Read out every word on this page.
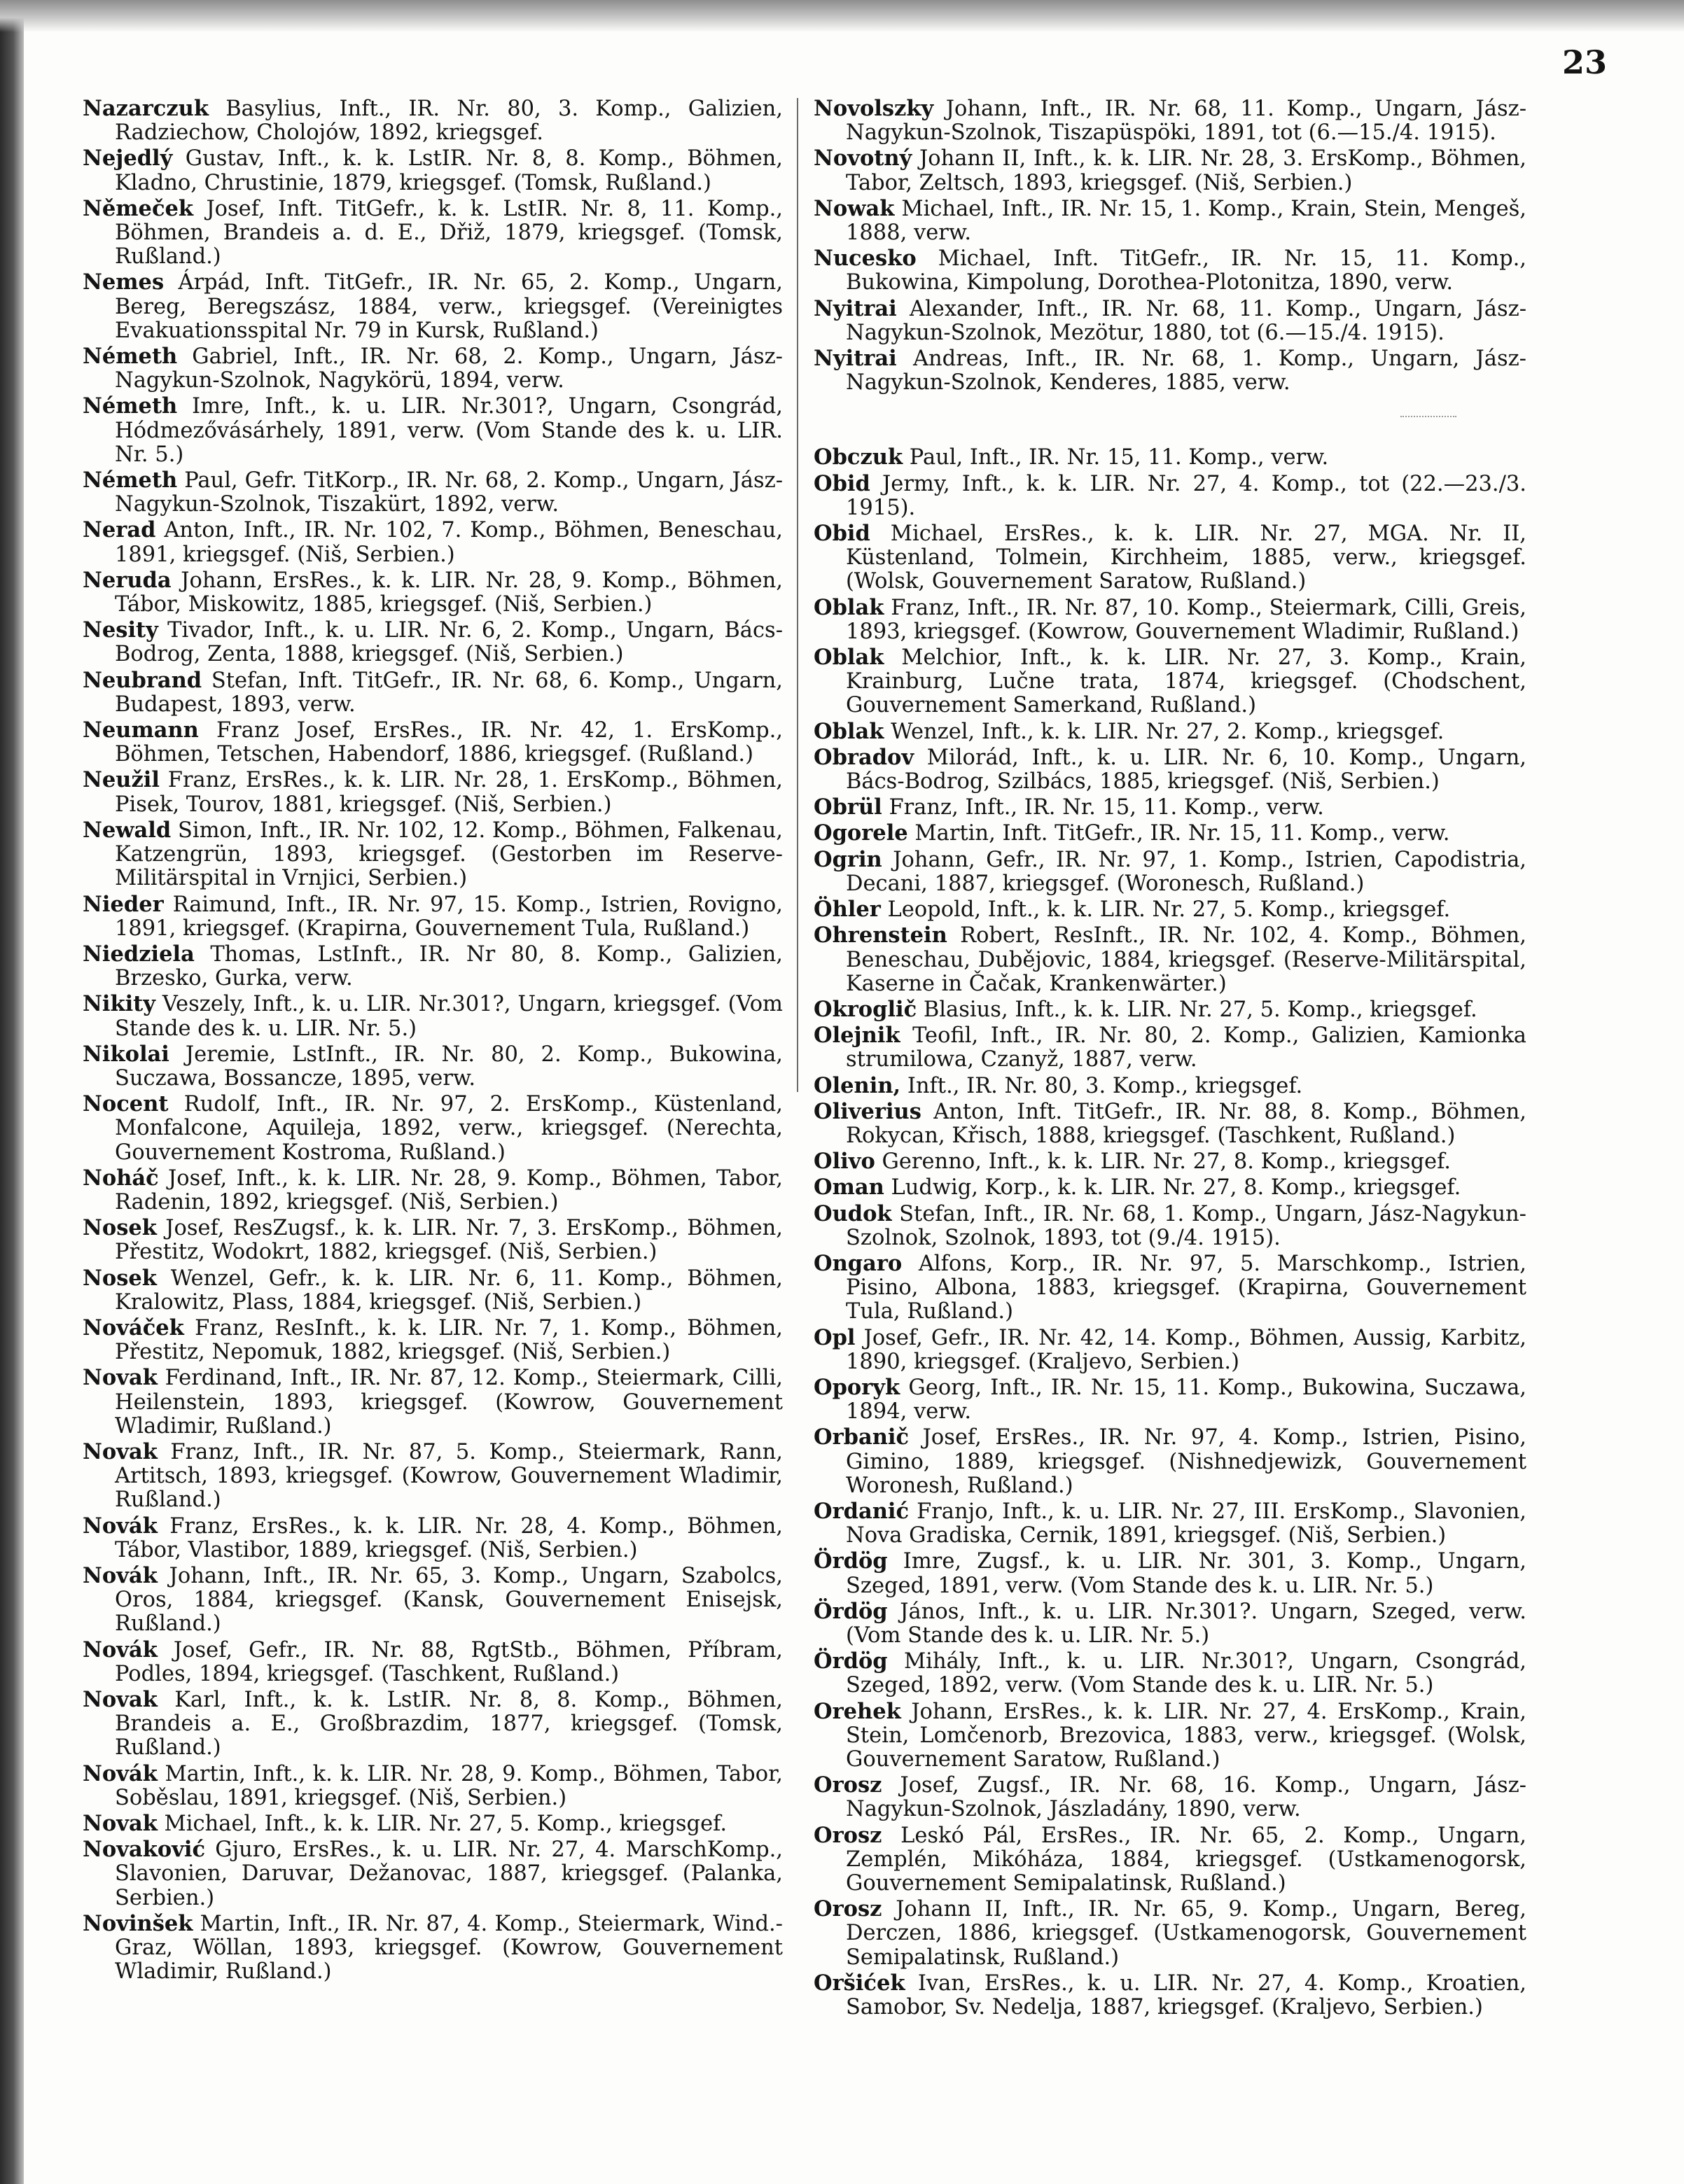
23
Nazarczuk Basylius, Inft., IR. Nr. 80, 3. Komp., Galizien, Radziechow, Cholojów, 1892, kriegsgef.
Nejedlý Gustav, Inft., k. k. LstIR. Nr. 8, 8. Komp., Böhmen, Kladno, Chrustinie, 1879, kriegsgef. (Tomsk, Rußland.)
Němeček Josef, Inft. TitGefr., k. k. LstIR. Nr. 8, 11. Komp., Böhmen, Brandeis a. d. E., Dřiž, 1879, kriegsgef. (Tomsk, Rußland.)
Nemes Árpád, Inft. TitGefr., IR. Nr. 65, 2. Komp., Ungarn, Bereg, Beregszász, 1884, verw., kriegsgef. (Vereinigtes Evakuationsspital Nr. 79 in Kursk, Rußland.)
Németh Gabriel, Inft., IR. Nr. 68, 2. Komp., Ungarn, Jász-Nagykun-Szolnok, Nagykörü, 1894, verw.
Németh Imre, Inft., k. u. LIR. Nr.301?, Ungarn, Csongrád, Hódmezővásárhely, 1891, verw. (Vom Stande des k. u. LIR. Nr. 5.)
Németh Paul, Gefr. TitKorp., IR. Nr. 68, 2. Komp., Ungarn, Jász-Nagykun-Szolnok, Tiszakürt, 1892, verw.
Nerad Anton, Inft., IR. Nr. 102, 7. Komp., Böhmen, Beneschau, 1891, kriegsgef. (Niš, Serbien.)
Neruda Johann, ErsRes., k. k. LIR. Nr. 28, 9. Komp., Böhmen, Tábor, Miskowitz, 1885, kriegsgef. (Niš, Serbien.)
Nesity Tivador, Inft., k. u. LIR. Nr. 6, 2. Komp., Ungarn, Bács-Bodrog, Zenta, 1888, kriegsgef. (Niš, Serbien.)
Neubrand Stefan, Inft. TitGefr., IR. Nr. 68, 6. Komp., Ungarn, Budapest, 1893, verw.
Neumann Franz Josef, ErsRes., IR. Nr. 42, 1. ErsKomp., Böhmen, Tetschen, Habendorf, 1886, kriegsgef. (Rußland.)
Neužil Franz, ErsRes., k. k. LIR. Nr. 28, 1. ErsKomp., Böhmen, Pisek, Tourov, 1881, kriegsgef. (Niš, Serbien.)
Newald Simon, Inft., IR. Nr. 102, 12. Komp., Böhmen, Falkenau, Katzengrün, 1893, kriegsgef. (Gestorben im Reserve-Militärspital in Vrnjici, Serbien.)
Nieder Raimund, Inft., IR. Nr. 97, 15. Komp., Istrien, Rovigno, 1891, kriegsgef. (Krapirna, Gouvernement Tula, Rußland.)
Niedziela Thomas, LstInft., IR. Nr 80, 8. Komp., Galizien, Brzesko, Gurka, verw.
Nikity Veszely, Inft., k. u. LIR. Nr.301?, Ungarn, kriegsgef. (Vom Stande des k. u. LIR. Nr. 5.)
Nikolai Jeremie, LstInft., IR. Nr. 80, 2. Komp., Bukowina, Suczawa, Bossancze, 1895, verw.
Nocent Rudolf, Inft., IR. Nr. 97, 2. ErsKomp., Küstenland, Monfalcone, Aquileja, 1892, verw., kriegsgef. (Nerechta, Gouvernement Kostroma, Rußland.)
Noháč Josef, Inft., k. k. LIR. Nr. 28, 9. Komp., Böhmen, Tabor, Radenin, 1892, kriegsgef. (Niš, Serbien.)
Nosek Josef, ResZugsf., k. k. LIR. Nr. 7, 3. ErsKomp., Böhmen, Přestitz, Wodokrt, 1882, kriegsgef. (Niš, Serbien.)
Nosek Wenzel, Gefr., k. k. LIR. Nr. 6, 11. Komp., Böhmen, Kralowitz, Plass, 1884, kriegsgef. (Niš, Serbien.)
Nováček Franz, ResInft., k. k. LIR. Nr. 7, 1. Komp., Böhmen, Přestitz, Nepomuk, 1882, kriegsgef. (Niš, Serbien.)
Novak Ferdinand, Inft., IR. Nr. 87, 12. Komp., Steiermark, Cilli, Heilenstein, 1893, kriegsgef. (Kowrow, Gouvernement Wladimir, Rußland.)
Novak Franz, Inft., IR. Nr. 87, 5. Komp., Steiermark, Rann, Artitsch, 1893, kriegsgef. (Kowrow, Gouvernement Wladimir, Rußland.)
Novák Franz, ErsRes., k. k. LIR. Nr. 28, 4. Komp., Böhmen, Tábor, Vlastibor, 1889, kriegsgef. (Niš, Serbien.)
Novák Johann, Inft., IR. Nr. 65, 3. Komp., Ungarn, Szabolcs, Oros, 1884, kriegsgef. (Kansk, Gouvernement Enisejsk, Rußland.)
Novák Josef, Gefr., IR. Nr. 88, RgtStb., Böhmen, Příbram, Podles, 1894, kriegsgef. (Taschkent, Rußland.)
Novak Karl, Inft., k. k. LstIR. Nr. 8, 8. Komp., Böhmen, Brandeis a. E., Großbrazdim, 1877, kriegsgef. (Tomsk, Rußland.)
Novák Martin, Inft., k. k. LIR. Nr. 28, 9. Komp., Böhmen, Tabor, Soběslau, 1891, kriegsgef. (Niš, Serbien.)
Novak Michael, Inft., k. k. LIR. Nr. 27, 5. Komp., kriegsgef.
Novaković Gjuro, ErsRes., k. u. LIR. Nr. 27, 4. MarschKomp., Slavonien, Daruvar, Dežanovac, 1887, kriegsgef. (Palanka, Serbien.)
Novinšek Martin, Inft., IR. Nr. 87, 4. Komp., Steiermark, Wind.-Graz, Wöllan, 1893, kriegsgef. (Kowrow, Gouvernement Wladimir, Rußland.)
Novolszky Johann, Inft., IR. Nr. 68, 11. Komp., Ungarn, Jász-Nagykun-Szolnok, Tiszapüspöki, 1891, tot (6.—15./4. 1915).
Novotný Johann II, Inft., k. k. LIR. Nr. 28, 3. ErsKomp., Böhmen, Tabor, Zeltsch, 1893, kriegsgef. (Niš, Serbien.)
Nowak Michael, Inft., IR. Nr. 15, 1. Komp., Krain, Stein, Mengeš, 1888, verw.
Nucesko Michael, Inft. TitGefr., IR. Nr. 15, 11. Komp., Bukowina, Kimpolung, Dorothea-Plotonitza, 1890, verw.
Nyitrai Alexander, Inft., IR. Nr. 68, 11. Komp., Ungarn, Jász-Nagykun-Szolnok, Mezötur, 1880, tot (6.—15./4. 1915).
Nyitrai Andreas, Inft., IR. Nr. 68, 1. Komp., Ungarn, Jász-Nagykun-Szolnok, Kenderes, 1885, verw.
Obczuk Paul, Inft., IR. Nr. 15, 11. Komp., verw.
Obid Jermy, Inft., k. k. LIR. Nr. 27, 4. Komp., tot (22.—23./3. 1915).
Obid Michael, ErsRes., k. k. LIR. Nr. 27, MGA. Nr. II, Küstenland, Tolmein, Kirchheim, 1885, verw., kriegsgef. (Wolsk, Gouvernement Saratow, Rußland.)
Oblak Franz, Inft., IR. Nr. 87, 10. Komp., Steiermark, Cilli, Greis, 1893, kriegsgef. (Kowrow, Gouvernement Wladimir, Rußland.)
Oblak Melchior, Inft., k. k. LIR. Nr. 27, 3. Komp., Krain, Krainburg, Lučne trata, 1874, kriegsgef. (Chodschent, Gouvernement Samerkand, Rußland.)
Oblak Wenzel, Inft., k. k. LIR. Nr. 27, 2. Komp., kriegsgef.
Obradov Milorád, Inft., k. u. LIR. Nr. 6, 10. Komp., Ungarn, Bács-Bodrog, Szilbács, 1885, kriegsgef. (Niš, Serbien.)
Obrül Franz, Inft., IR. Nr. 15, 11. Komp., verw.
Ogorele Martin, Inft. TitGefr., IR. Nr. 15, 11. Komp., verw.
Ogrin Johann, Gefr., IR. Nr. 97, 1. Komp., Istrien, Capodistria, Decani, 1887, kriegsgef. (Woronesch, Rußland.)
Öhler Leopold, Inft., k. k. LIR. Nr. 27, 5. Komp., kriegsgef.
Ohrenstein Robert, ResInft., IR. Nr. 102, 4. Komp., Böhmen, Beneschau, Dubějovic, 1884, kriegsgef. (Reserve-Militärspital, Kaserne in Čačak, Krankenwärter.)
Okroglič Blasius, Inft., k. k. LIR. Nr. 27, 5. Komp., kriegsgef.
Olejnik Teofil, Inft., IR. Nr. 80, 2. Komp., Galizien, Kamionka strumilowa, Czanyž, 1887, verw.
Olenin, Inft., IR. Nr. 80, 3. Komp., kriegsgef.
Oliverius Anton, Inft. TitGefr., IR. Nr. 88, 8. Komp., Böhmen, Rokycan, Křisch, 1888, kriegsgef. (Taschkent, Rußland.)
Olivo Gerenno, Inft., k. k. LIR. Nr. 27, 8. Komp., kriegsgef.
Oman Ludwig, Korp., k. k. LIR. Nr. 27, 8. Komp., kriegsgef.
Oudok Stefan, Inft., IR. Nr. 68, 1. Komp., Ungarn, Jász-Nagykun-Szolnok, Szolnok, 1893, tot (9./4. 1915).
Ongaro Alfons, Korp., IR. Nr. 97, 5. Marschkomp., Istrien, Pisino, Albona, 1883, kriegsgef. (Krapirna, Gouvernement Tula, Rußland.)
Opl Josef, Gefr., IR. Nr. 42, 14. Komp., Böhmen, Aussig, Karbitz, 1890, kriegsgef. (Kraljevo, Serbien.)
Oporyk Georg, Inft., IR. Nr. 15, 11. Komp., Bukowina, Suczawa, 1894, verw.
Orbanič Josef, ErsRes., IR. Nr. 97, 4. Komp., Istrien, Pisino, Gimino, 1889, kriegsgef. (Nishnedjewizk, Gouvernement Woronesh, Rußland.)
Ordanić Franjo, Inft., k. u. LIR. Nr. 27, III. ErsKomp., Slavonien, Nova Gradiska, Cernik, 1891, kriegsgef. (Niš, Serbien.)
Ördög Imre, Zugsf., k. u. LIR. Nr. 301, 3. Komp., Ungarn, Szeged, 1891, verw. (Vom Stande des k. u. LIR. Nr. 5.)
Ördög János, Inft., k. u. LIR. Nr.301?. Ungarn, Szeged, verw. (Vom Stande des k. u. LIR. Nr. 5.)
Ördög Mihály, Inft., k. u. LIR. Nr.301?, Ungarn, Csongrád, Szeged, 1892, verw. (Vom Stande des k. u. LIR. Nr. 5.)
Orehek Johann, ErsRes., k. k. LIR. Nr. 27, 4. ErsKomp., Krain, Stein, Lomčenorb, Brezovica, 1883, verw., kriegsgef. (Wolsk, Gouvernement Saratow, Rußland.)
Orosz Josef, Zugsf., IR. Nr. 68, 16. Komp., Ungarn, Jász-Nagykun-Szolnok, Jászladány, 1890, verw.
Orosz Leskó Pál, ErsRes., IR. Nr. 65, 2. Komp., Ungarn, Zemplén, Mikóháza, 1884, kriegsgef. (Ustkamenogorsk, Gouvernement Semipalatinsk, Rußland.)
Orosz Johann II, Inft., IR. Nr. 65, 9. Komp., Ungarn, Bereg, Derczen, 1886, kriegsgef. (Ustkamenogorsk, Gouvernement Semipalatinsk, Rußland.)
Oršićek Ivan, ErsRes., k. u. LIR. Nr. 27, 4. Komp., Kroatien, Samobor, Sv. Nedelja, 1887, kriegsgef. (Kraljevo, Serbien.)
